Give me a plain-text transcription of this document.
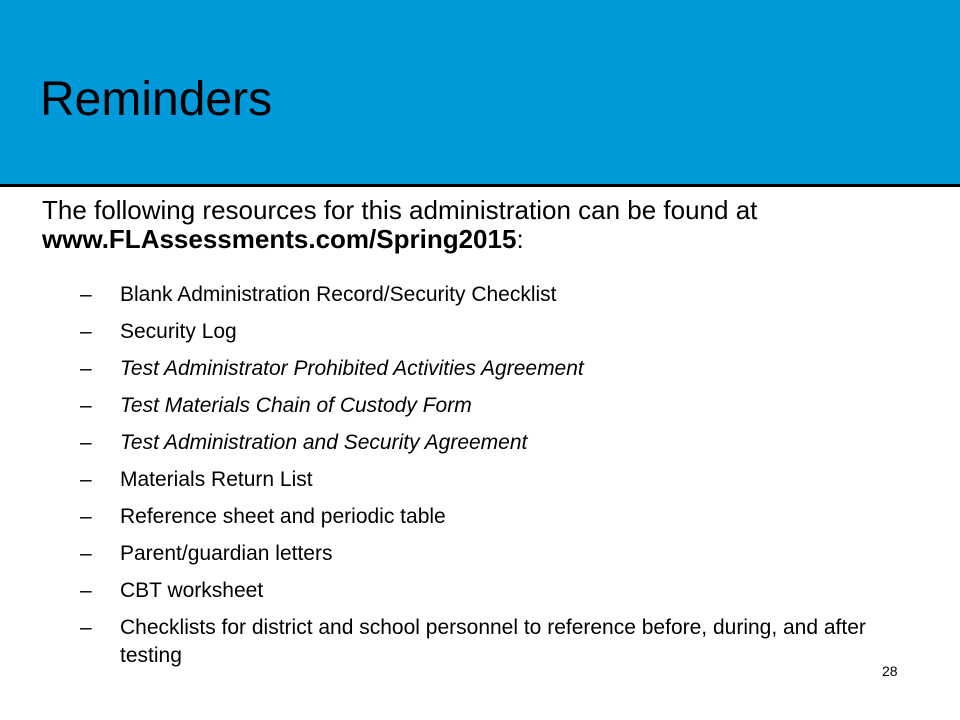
Reminders

The following resources for this administration can be found at www.FLAssessments.com/Spring2015:

–	Blank Administration Record/Security Checklist
–	Security Log
–	Test Administrator Prohibited Activities Agreement
–	Test Materials Chain of Custody Form
–	Test Administration and Security Agreement
–	Materials Return List
–	Reference sheet and periodic table
–	Parent/guardian letters
–	CBT worksheet
–	Checklists for district and school personnel to reference before, during, and after testing
28
